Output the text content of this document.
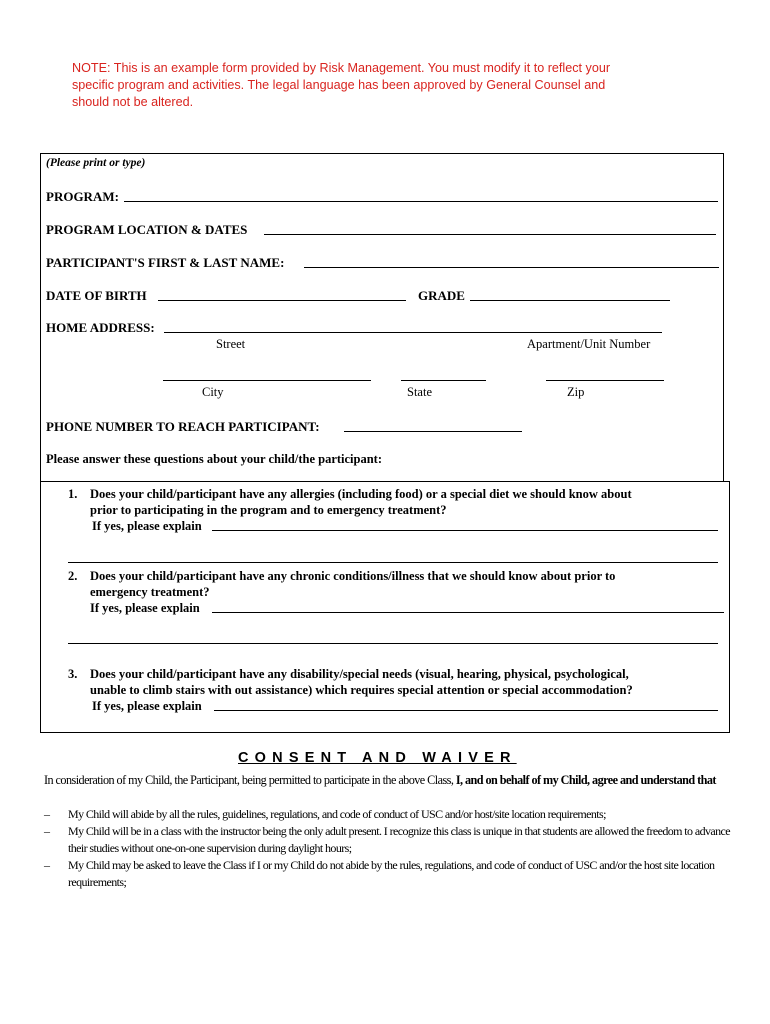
NOTE: This is an example form provided by Risk Management. You must modify it to reflect your
specific program and activities. The legal language has been approved by General Counsel and
should not be altered.
(Please print or type)
PROGRAM:
PROGRAM LOCATION & DATES
PARTICIPANT'S FIRST & LAST NAME:
DATE OF BIRTH	GRADE
HOME ADDRESS:
Street	Apartment/Unit Number
City	State	Zip
PHONE NUMBER TO REACH PARTICIPANT:
Please answer these questions about your child/the participant:
1. Does your child/participant have any allergies (including food) or a special diet we should know about
prior to participating in the program and to emergency treatment?
If yes, please explain
2. Does your child/participant have any chronic conditions/illness that we should know about prior to
emergency treatment?
If yes, please explain
3. Does your child/participant have any disability/special needs (visual, hearing, physical, psychological,
unable to climb stairs with out assistance) which requires special attention or special accommodation?
If yes, please explain
CONSENT AND WAIVER
In consideration of my Child, the Participant, being permitted to participate in the above Class, I, and on behalf of my Child, agree and understand that
– My Child will abide by all the rules, guidelines, regulations, and code of conduct of USC and/or host/site location requirements;
– My Child will be in a class with the instructor being the only adult present. I recognize this class is unique in that students are allowed the freedom to advance their studies without one-on-one supervision during daylight hours;
– My Child may be asked to leave the Class if I or my Child do not abide by the rules, regulations, and code of conduct of USC and/or the host site location requirements;
